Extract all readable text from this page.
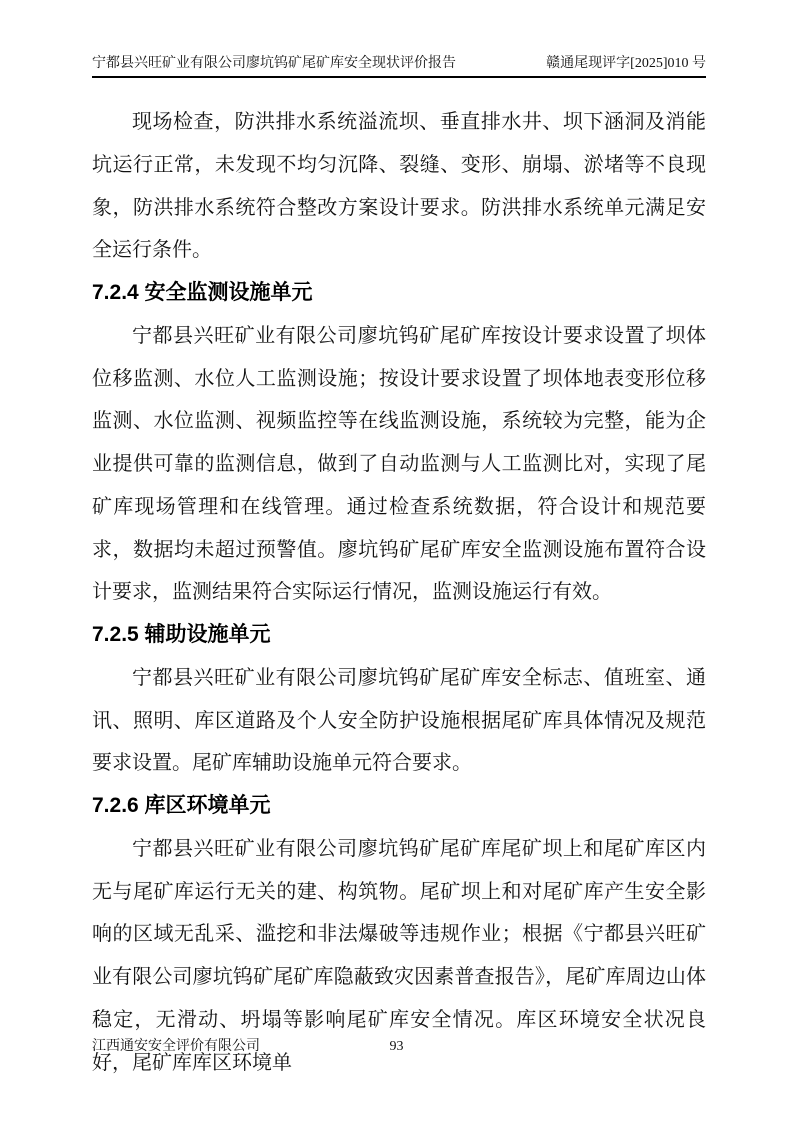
宁都县兴旺矿业有限公司廖坑钨矿尾矿库安全现状评价报告	赣通尾现评字[2025]010 号

现场检查，防洪排水系统溢流坝、垂直排水井、坝下涵洞及消能坑运行正常，未发现不均匀沉降、裂缝、变形、崩塌、淤堵等不良现象，防洪排水系统符合整改方案设计要求。防洪排水系统单元满足安全运行条件。

7.2.4 安全监测设施单元

宁都县兴旺矿业有限公司廖坑钨矿尾矿库按设计要求设置了坝体位移监测、水位人工监测设施；按设计要求设置了坝体地表变形位移监测、水位监测、视频监控等在线监测设施，系统较为完整，能为企业提供可靠的监测信息，做到了自动监测与人工监测比对，实现了尾矿库现场管理和在线管理。通过检查系统数据，符合设计和规范要求，数据均未超过预警值。廖坑钨矿尾矿库安全监测设施布置符合设计要求，监测结果符合实际运行情况，监测设施运行有效。

7.2.5 辅助设施单元

宁都县兴旺矿业有限公司廖坑钨矿尾矿库安全标志、值班室、通讯、照明、库区道路及个人安全防护设施根据尾矿库具体情况及规范要求设置。尾矿库辅助设施单元符合要求。

7.2.6 库区环境单元

宁都县兴旺矿业有限公司廖坑钨矿尾矿库尾矿坝上和尾矿库区内无与尾矿库运行无关的建、构筑物。尾矿坝上和对尾矿库产生安全影响的区域无乱采、滥挖和非法爆破等违规作业；根据《宁都县兴旺矿业有限公司廖坑钨矿尾矿库隐蔽致灾因素普查报告》，尾矿库周边山体稳定，无滑动、坍塌等影响尾矿库安全情况。库区环境安全状况良好，尾矿库库区环境单

江西通安安全评价有限公司	93
